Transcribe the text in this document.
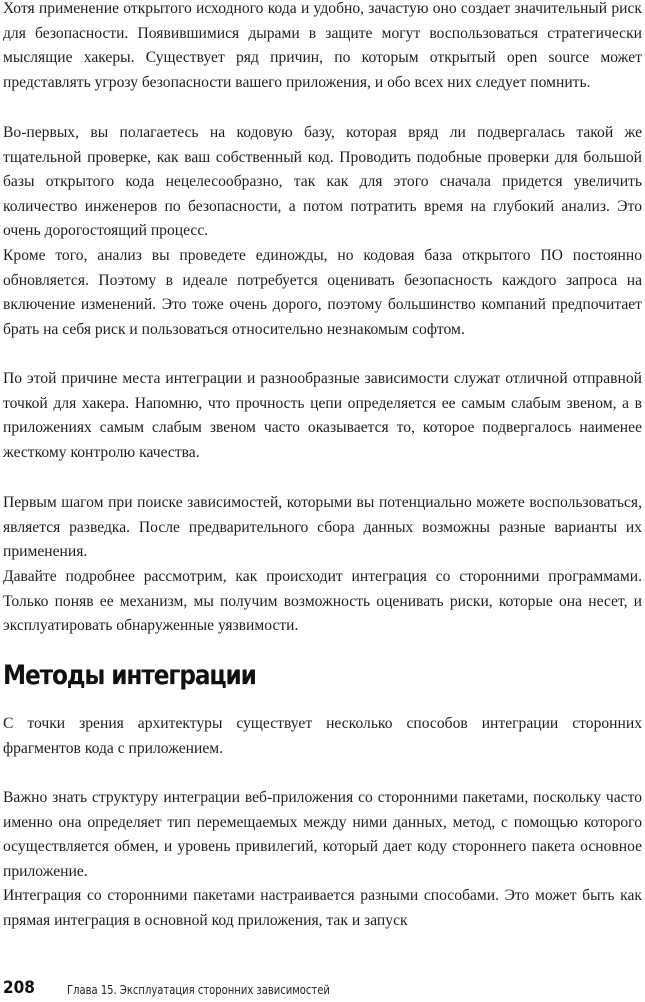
Хотя применение открытого исходного кода и удобно, зачастую оно создает значительный риск для безопасности. Появившимися дырами в защите могут воспользоваться стратегически мыслящие хакеры. Существует ряд причин, по которым открытый open source может представлять угрозу безопасности вашего приложения, и обо всех них следует помнить.

Во-первых, вы полагаетесь на кодовую базу, которая вряд ли подвергалась такой же тщательной проверке, как ваш собственный код. Проводить подобные проверки для большой базы открытого кода нецелесообразно, так как для этого сначала придется увеличить количество инженеров по безопасности, а потом потратить время на глубокий анализ. Это очень дорогостоящий процесс.

Кроме того, анализ вы проведете единожды, но кодовая база открытого ПО постоянно обновляется. Поэтому в идеале потребуется оценивать безопасность каждого запроса на включение изменений. Это тоже очень дорого, поэтому большинство компаний предпочитает брать на себя риск и пользоваться относительно незнакомым софтом.

По этой причине места интеграции и разнообразные зависимости служат отличной отправной точкой для хакера. Напомню, что прочность цепи определяется ее самым слабым звеном, а в приложениях самым слабым звеном часто оказывается то, которое подвергалось наименее жесткому контролю качества.

Первым шагом при поиске зависимостей, которыми вы потенциально можете воспользоваться, является разведка. После предварительного сбора данных возможны разные варианты их применения.

Давайте подробнее рассмотрим, как происходит интеграция со сторонними программами. Только поняв ее механизм, мы получим возможность оценивать риски, которые она несет, и эксплуатировать обнаруженные уязвимости.

Методы интеграции

С точки зрения архитектуры существует несколько способов интеграции сторонних фрагментов кода с приложением.

Важно знать структуру интеграции веб-приложения со сторонними пакетами, поскольку часто именно она определяет тип перемещаемых между ними данных, метод, с помощью которого осуществляется обмен, и уровень привилегий, который дает коду стороннего пакета основное приложение.

Интеграция со сторонними пакетами настраивается разными способами. Это может быть как прямая интеграция в основной код приложения, так и запуск

208	Глава 15. Эксплуатация сторонних зависимостей
